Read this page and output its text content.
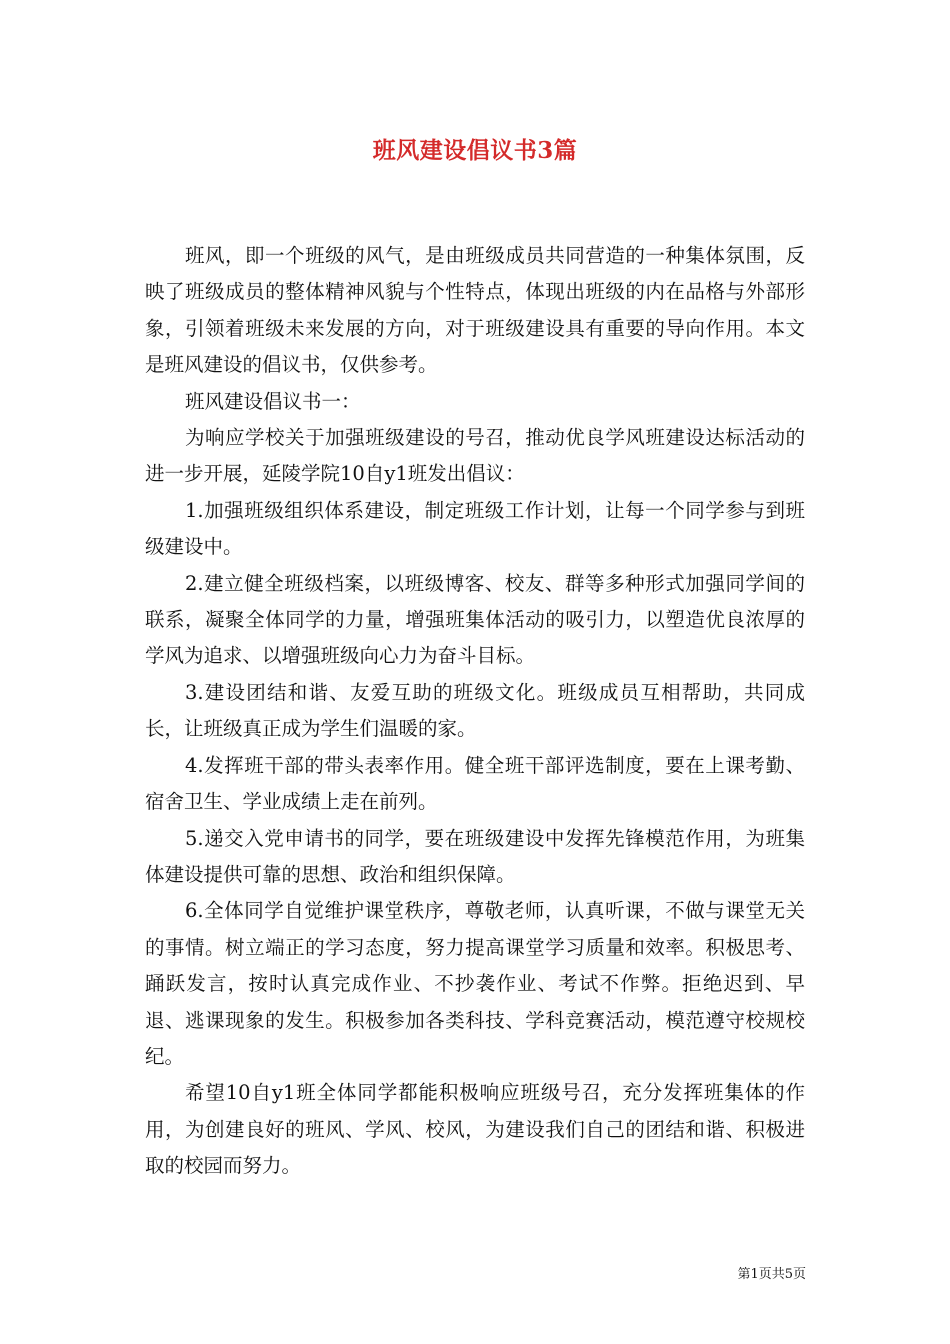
班风建设倡议书3篇

班风，即一个班级的风气，是由班级成员共同营造的一种集体氛围，反映了班级成员的整体精神风貌与个性特点，体现出班级的内在品格与外部形象，引领着班级未来发展的方向，对于班级建设具有重要的导向作用。本文是班风建设的倡议书，仅供参考。

班风建设倡议书一：

为响应学校关于加强班级建设的号召，推动优良学风班建设达标活动的进一步开展，延陵学院10自y1班发出倡议：

1.加强班级组织体系建设，制定班级工作计划，让每一个同学参与到班级建设中。

2.建立健全班级档案，以班级博客、校友、群等多种形式加强同学间的联系，凝聚全体同学的力量，增强班集体活动的吸引力，以塑造优良浓厚的学风为追求、以增强班级向心力为奋斗目标。

3.建设团结和谐、友爱互助的班级文化。班级成员互相帮助，共同成长，让班级真正成为学生们温暖的家。

4.发挥班干部的带头表率作用。健全班干部评选制度，要在上课考勤、宿舍卫生、学业成绩上走在前列。

5.递交入党申请书的同学，要在班级建设中发挥先锋模范作用，为班集体建设提供可靠的思想、政治和组织保障。

6.全体同学自觉维护课堂秩序，尊敬老师，认真听课，不做与课堂无关的事情。树立端正的学习态度，努力提高课堂学习质量和效率。积极思考、踊跃发言，按时认真完成作业、不抄袭作业、考试不作弊。拒绝迟到、早退、逃课现象的发生。积极参加各类科技、学科竞赛活动，模范遵守校规校纪。

希望10自y1班全体同学都能积极响应班级号召，充分发挥班集体的作用，为创建良好的班风、学风、校风，为建设我们自己的团结和谐、积极进取的校园而努力。

第1页共5页
